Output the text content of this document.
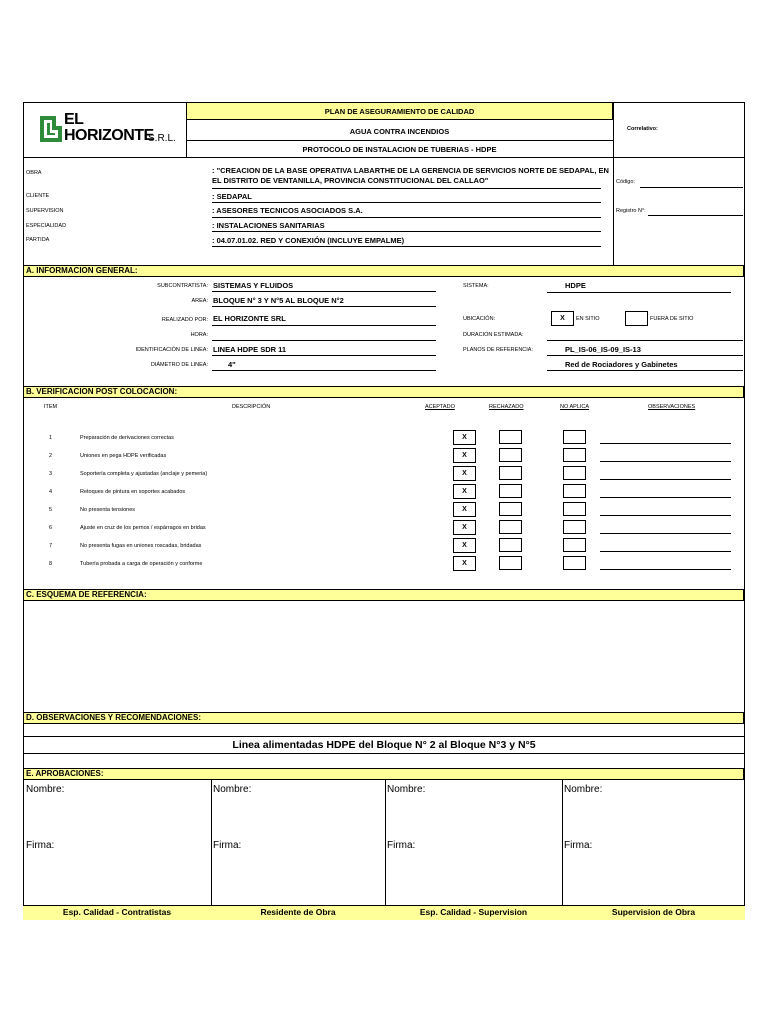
EL
HORIZONTE
S.R.L.
PLAN DE ASEGURAMIENTO DE CALIDAD
AGUA CONTRA INCENDIOS
PROTOCOLO DE INSTALACION DE TUBERIAS - HDPE
Correlativo:
OBRA	: "CREACION DE LA BASE OPERATIVA LABARTHE DE LA GERENCIA DE SERVICIOS NORTE DE SEDAPAL, EN EL DISTRITO DE VENTANILLA, PROVINCIA CONSTITUCIONAL DEL CALLAO"
CLIENTE	: SEDAPAL
SUPERVISION	: ASESORES TECNICOS ASOCIADOS S.A.
ESPECIALIDAD	: INSTALACIONES SANITARIAS
PARTIDA	: 04.07.01.02. RED Y CONEXIÓN (INCLUYE EMPALME)
Código:
Registro N°:
A. INFORMACION GENERAL:
SUBCONTRATISTA: SISTEMAS Y FLUIDOS	SISTEMA:	HDPE
AREA: BLOQUE N° 3 Y N°5 AL BLOQUE N°2
REALIZADO POR: EL HORIZONTE SRL	UBICACIÓN:	X	EN SITIO	FUERA DE SITIO
HORA:	DURACION ESTIMADA:
IDENTIFICACIÓN DE LINEA: LINEA HDPE SDR 11	PLANOS DE REFERENCIA:	PL_IS-06_IS-09_IS-13
DIÁMETRO DE LINEA:	4"	Red de Rociadores y Gabinetes
B. VERIFICACION POST COLOCACION:
ITEM	DESCRIPCIÓN	ACEPTADO	RECHAZADO	NO APLICA	OBSERVACIONES
1	Preparación de derivaciones correctas	X
2	Uniones en pega HDPE verificadas	X
3	Soportería completa y ajustadas (anclaje y pemeria)	X
4	Retoques de pintura en soportes acabados	X
5	No presenta tensiones	X
6	Ajuste en cruz de los pernos / espárragos en bridas	X
7	No presenta fugas en uniones roscadas, bridadas	X
8	Tubería probada a carga de operación y conforme	X
C. ESQUEMA DE REFERENCIA:
D. OBSERVACIONES Y RECOMENDACIONES:
Linea alimentadas HDPE del Bloque N° 2 al Bloque N°3 y N°5
E. APROBACIONES:
Nombre:	Nombre:	Nombre:	Nombre:
Firma:	Firma:	Firma:	Firma:
Esp. Calidad - Contratistas	Residente de Obra	Esp. Calidad - Supervision	Supervision de Obra
